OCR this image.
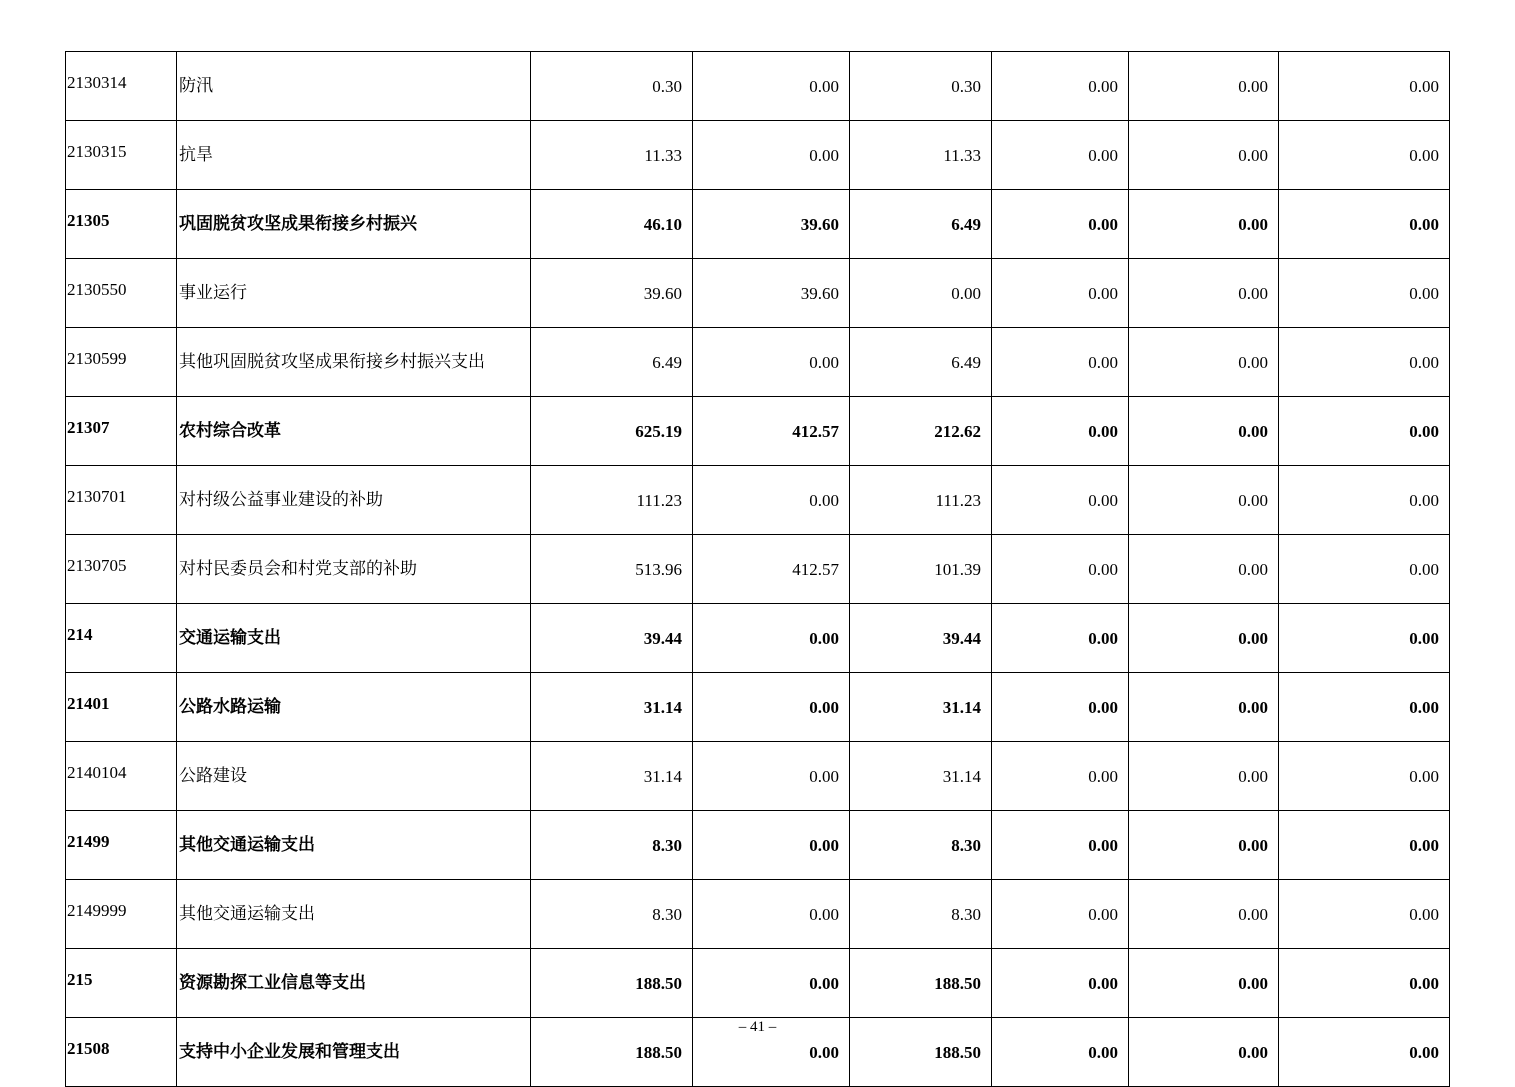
2130314	防汛	0.30	0.00	0.30	0.00	0.00	0.00
2130315	抗旱	11.33	0.00	11.33	0.00	0.00	0.00
21305	巩固脱贫攻坚成果衔接乡村振兴	46.10	39.60	6.49	0.00	0.00	0.00
2130550	事业运行	39.60	39.60	0.00	0.00	0.00	0.00
2130599	其他巩固脱贫攻坚成果衔接乡村振兴支出	6.49	0.00	6.49	0.00	0.00	0.00
21307	农村综合改革	625.19	412.57	212.62	0.00	0.00	0.00
2130701	对村级公益事业建设的补助	111.23	0.00	111.23	0.00	0.00	0.00
2130705	对村民委员会和村党支部的补助	513.96	412.57	101.39	0.00	0.00	0.00
214	交通运输支出	39.44	0.00	39.44	0.00	0.00	0.00
21401	公路水路运输	31.14	0.00	31.14	0.00	0.00	0.00
2140104	公路建设	31.14	0.00	31.14	0.00	0.00	0.00
21499	其他交通运输支出	8.30	0.00	8.30	0.00	0.00	0.00
2149999	其他交通运输支出	8.30	0.00	8.30	0.00	0.00	0.00
215	资源勘探工业信息等支出	188.50	0.00	188.50	0.00	0.00	0.00
21508	支持中小企业发展和管理支出	188.50	0.00	188.50	0.00	0.00	0.00
– 41 –
